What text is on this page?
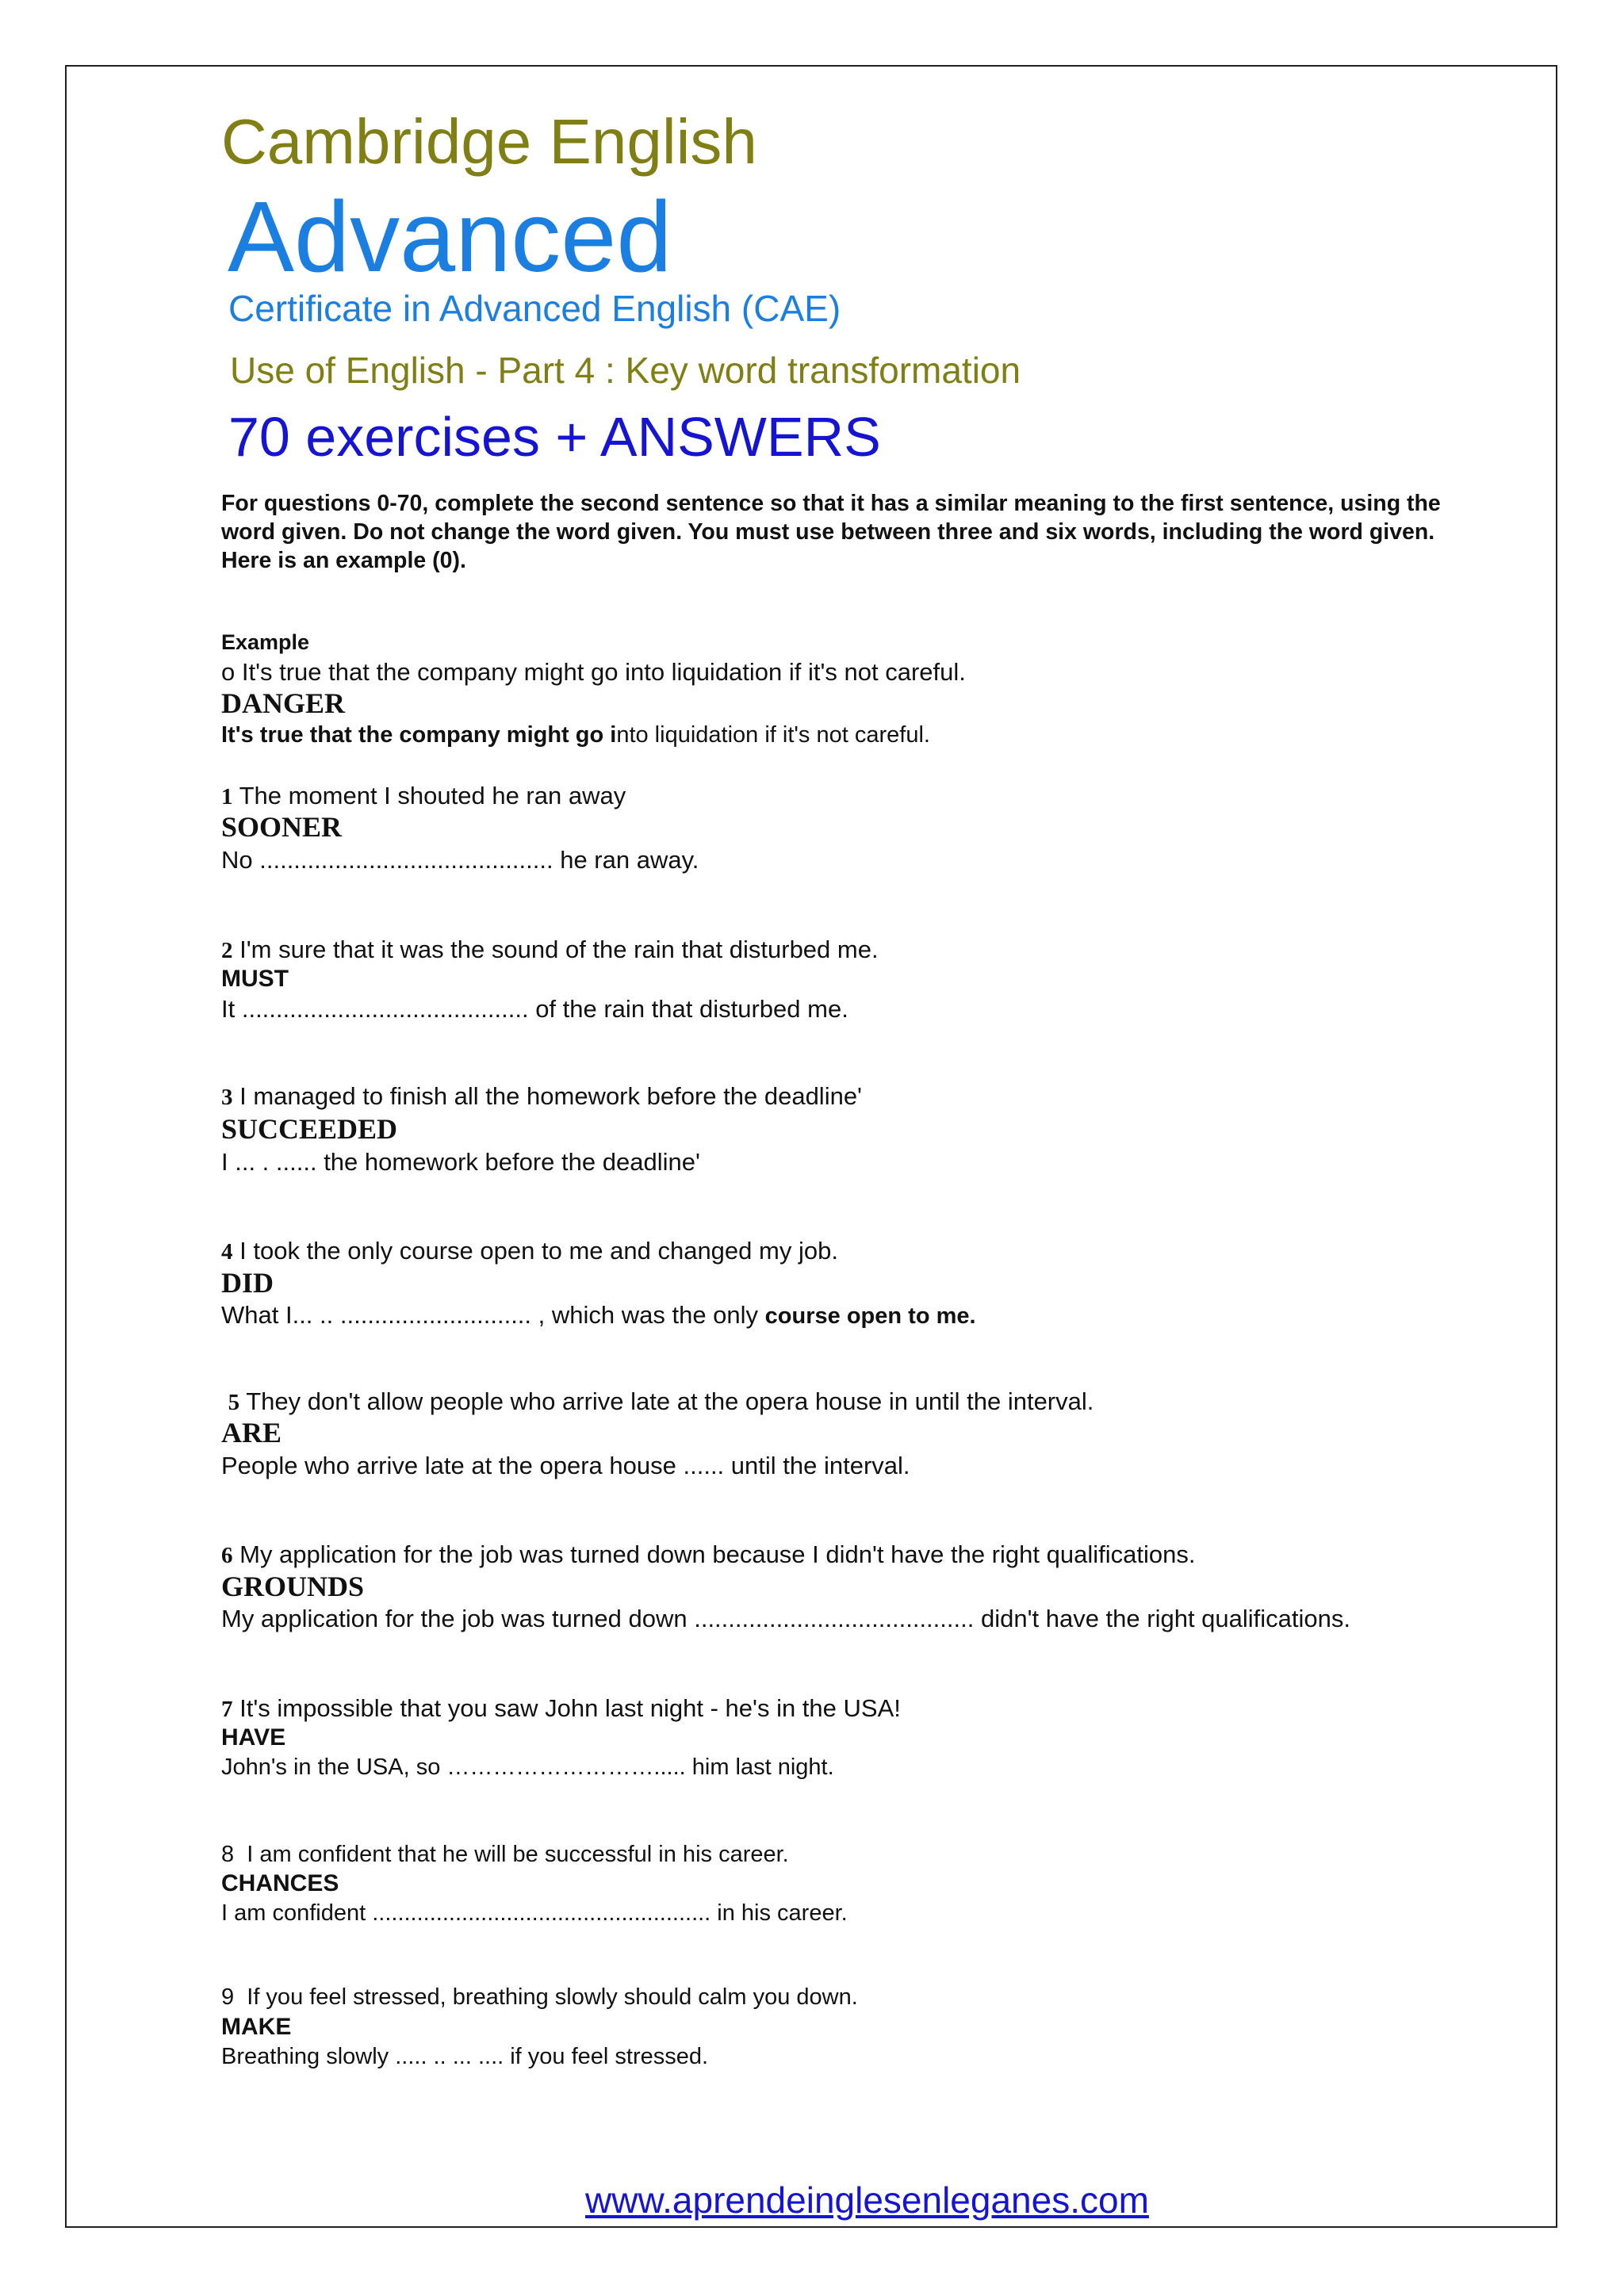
Cambridge English
Advanced
Certificate in Advanced English (CAE)
Use of English - Part 4 : Key word transformation
70 exercises + ANSWERS

For questions 0-70, complete the second sentence so that it has a similar meaning to the first sentence, using the word given. Do not change the word given. You must use between three and six words, including the word given.

Here is an example (0).

Example
o It's true that the company might go into liquidation if it's not careful.
DANGER
It's true that the company might go into liquidation if it's not careful.
1 The moment I shouted he ran away
SOONER
No ........................................... he ran away.
2 I'm sure that it was the sound of the rain that disturbed me.
MUST
It .......................................... of the rain that disturbed me.
3 I managed to finish all the homework before the deadline'
SUCCEEDED
I ... . ...... the homework before the deadline'
4 I took the only course open to me and changed my job.
DID
What I... .. ............................ , which was the only course open to me.
5 They don't allow people who arrive late at the opera house in until the interval.
ARE
People who arrive late at the opera house ...... until the interval.
6 My application for the job was turned down because I didn't have the right qualifications.
GROUNDS
My application for the job was turned down ......................................... didn't have the right qualifications.
7 It's impossible that you saw John last night - he's in the USA!
HAVE
John's in the USA, so ………………………..... him last night.
8 I am confident that he will be successful in his career.
CHANCES
I am confident ..................................................... in his career.
9 If you feel stressed, breathing slowly should calm you down.
MAKE
Breathing slowly ..... .. ... .... if you feel stressed.
www.aprendeinglesenleganes.com
